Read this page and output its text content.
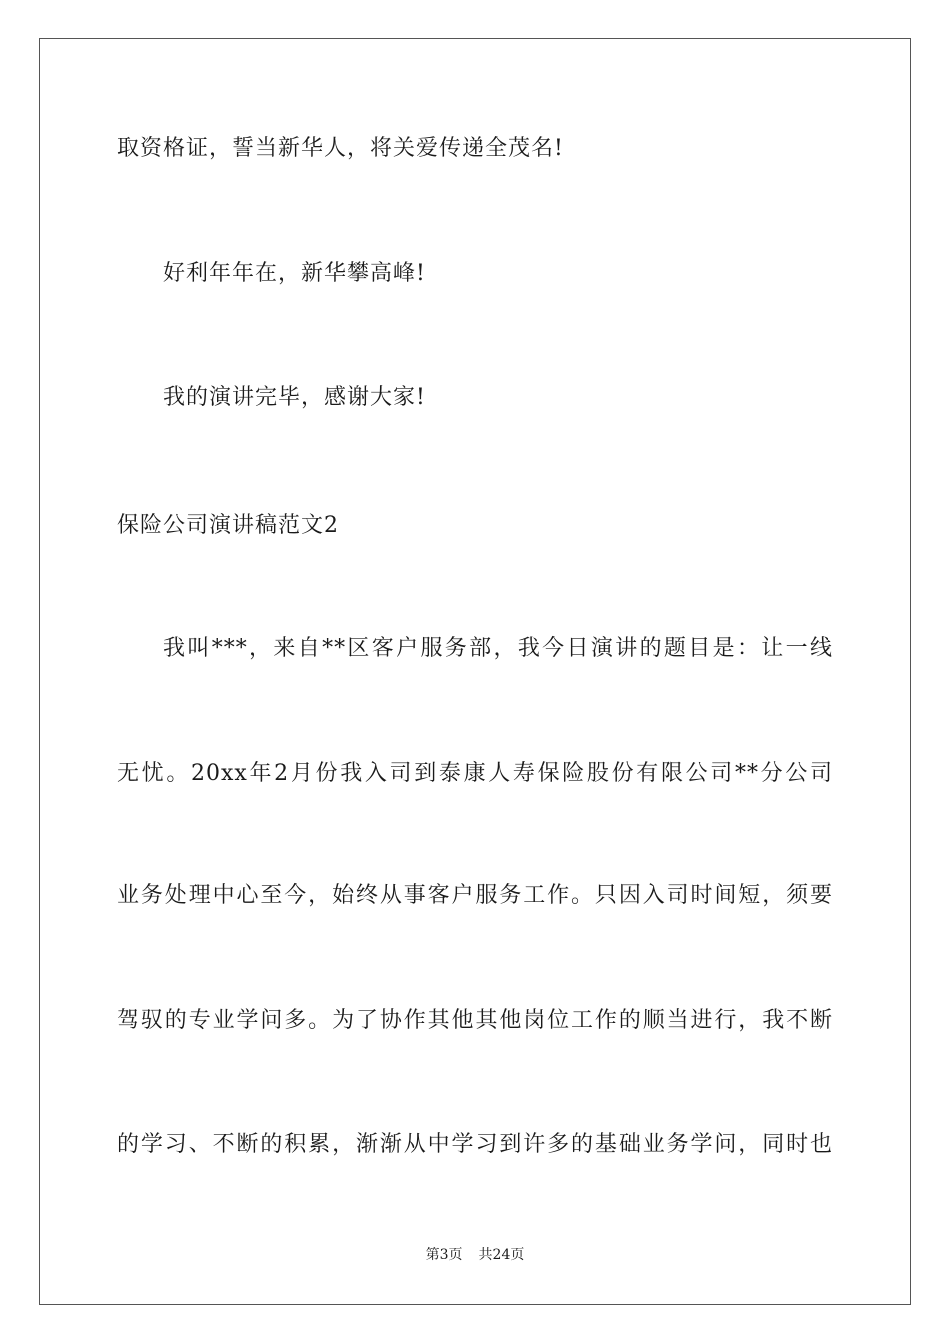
取资格证，誓当新华人，将关爱传递全茂名!
好利年年在，新华攀高峰!
我的演讲完毕，感谢大家!
保险公司演讲稿范文2
我叫***，来自**区客户服务部，我今日演讲的题目是：让一线
无忧。20xx年2月份我入司到泰康人寿保险股份有限公司**分公司
业务处理中心至今，始终从事客户服务工作。只因入司时间短，须要
驾驭的专业学问多。为了协作其他其他岗位工作的顺当进行，我不断
的学习、不断的积累，渐渐从中学习到许多的基础业务学问，同时也
第3页 共24页
